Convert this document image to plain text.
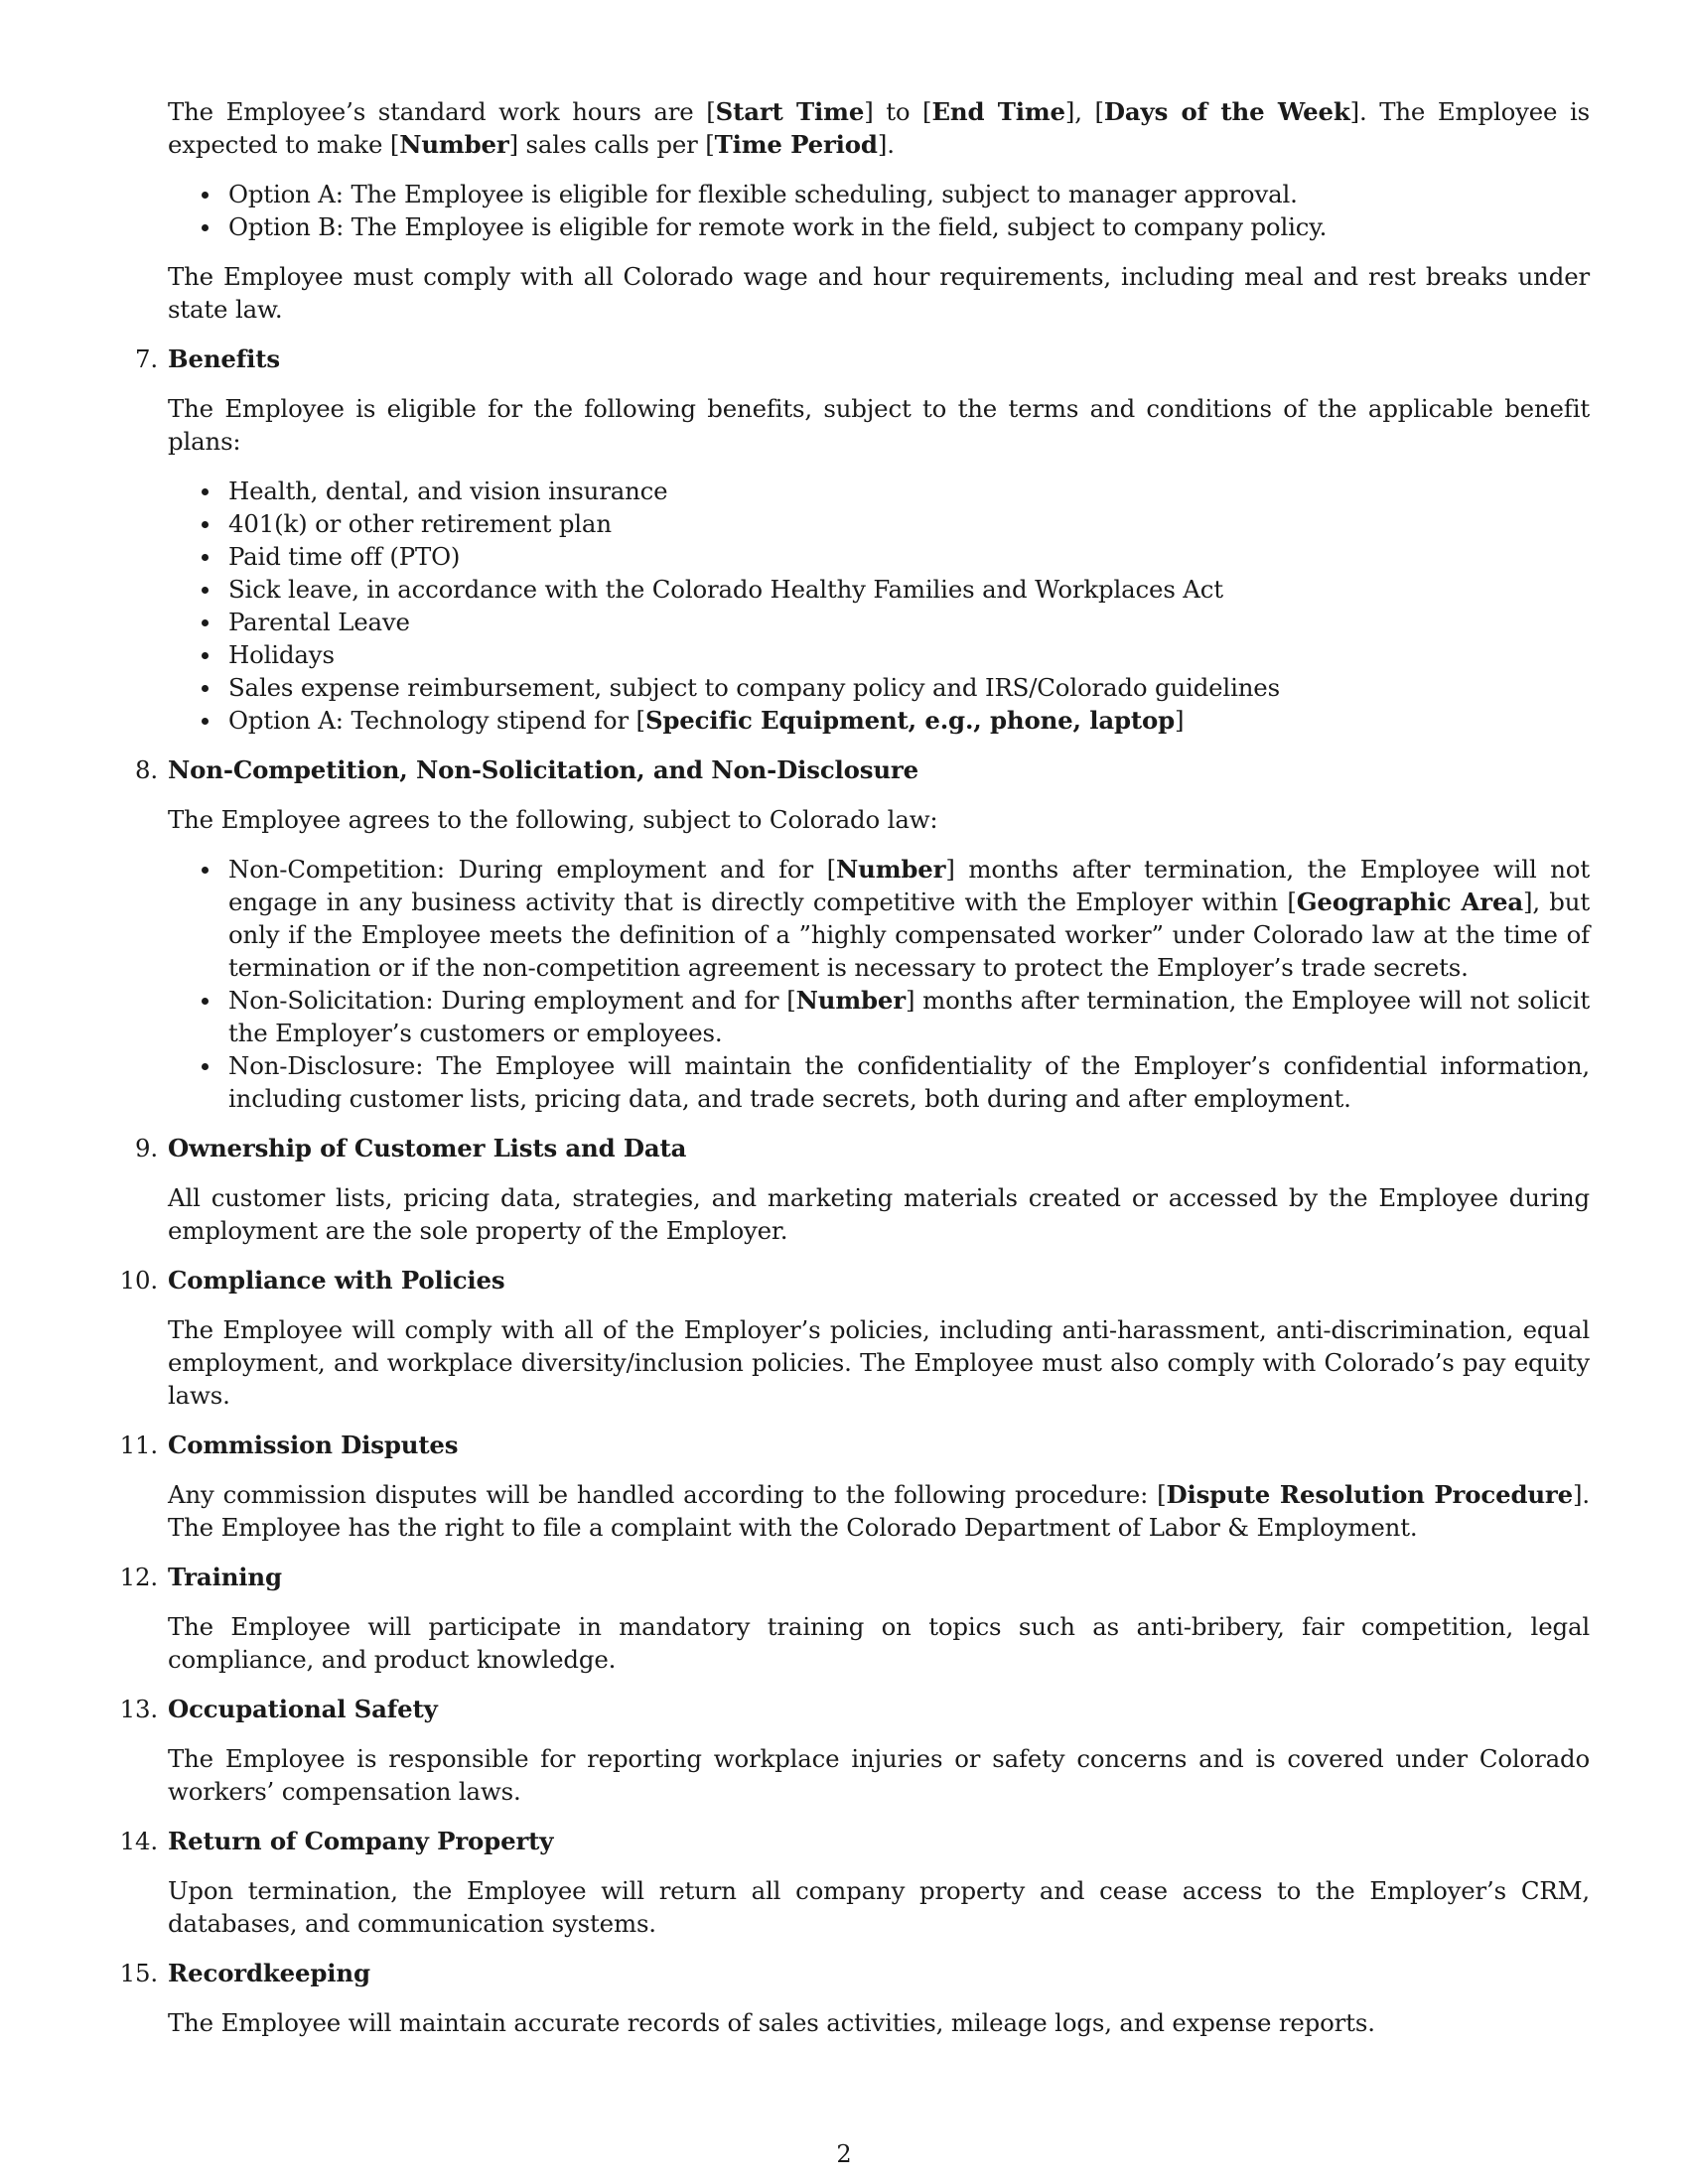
The Employee’s standard work hours are [Start Time] to [End Time], [Days of the Week]. The Employee is expected to make [Number] sales calls per [Time Period].

Option A: The Employee is eligible for flexible scheduling, subject to manager approval.
Option B: The Employee is eligible for remote work in the field, subject to company policy.

The Employee must comply with all Colorado wage and hour requirements, including meal and rest breaks under state law.

7. Benefits

The Employee is eligible for the following benefits, subject to the terms and conditions of the applicable benefit plans:

Health, dental, and vision insurance
401(k) or other retirement plan
Paid time off (PTO)
Sick leave, in accordance with the Colorado Healthy Families and Workplaces Act
Parental Leave
Holidays
Sales expense reimbursement, subject to company policy and IRS/Colorado guidelines
Option A: Technology stipend for [Specific Equipment, e.g., phone, laptop]
8. Non-Competition, Non-Solicitation, and Non-Disclosure

The Employee agrees to the following, subject to Colorado law:

Non-Competition: During employment and for [Number] months after termination, the Employee will not engage in any business activity that is directly competitive with the Employer within [Geographic Area], but only if the Employee meets the definition of a ”highly compensated worker” under Colorado law at the time of termination or if the non-competition agreement is necessary to protect the Employer’s trade secrets.
Non-Solicitation: During employment and for [Number] months after termination, the Employee will not solicit the Employer’s customers or employees.
Non-Disclosure: The Employee will maintain the confidentiality of the Employer’s confidential information, including customer lists, pricing data, and trade secrets, both during and after employment.
9. Ownership of Customer Lists and Data

All customer lists, pricing data, strategies, and marketing materials created or accessed by the Employee during employment are the sole property of the Employer.

10. Compliance with Policies

The Employee will comply with all of the Employer’s policies, including anti-harassment, anti-discrimination, equal employment, and workplace diversity/inclusion policies. The Employee must also comply with Colorado’s pay equity laws.

11. Commission Disputes

Any commission disputes will be handled according to the following procedure: [Dispute Resolution Procedure]. The Employee has the right to file a complaint with the Colorado Department of Labor & Employment.

12. Training

The Employee will participate in mandatory training on topics such as anti-bribery, fair competition, legal compliance, and product knowledge.

13. Occupational Safety

The Employee is responsible for reporting workplace injuries or safety concerns and is covered under Colorado workers’ compensation laws.

14. Return of Company Property

Upon termination, the Employee will return all company property and cease access to the Employer’s CRM, databases, and communication systems.

15. Recordkeeping

The Employee will maintain accurate records of sales activities, mileage logs, and expense reports.

2
